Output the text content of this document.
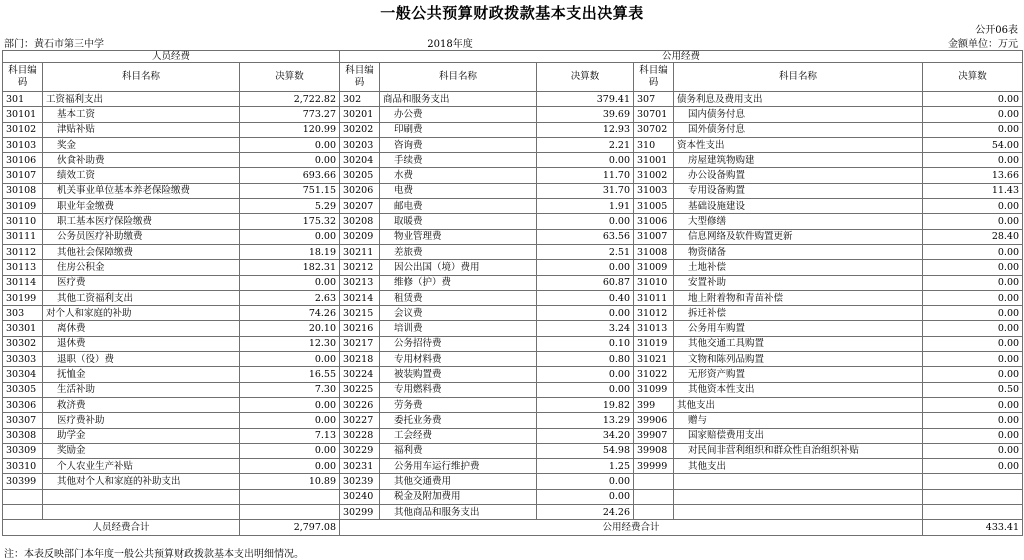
一般公共预算财政拨款基本支出决算表
公开06表
部门：黄石市第三中学	2018年度	金额单位：万元
人员经费			公用经费					
科目编码	科目名称	决算数	科目编码	科目名称	决算数	科目编码	科目名称	决算数
301	工资福利支出	2,722.82	302	商品和服务支出	379.41	307	债务利息及费用支出	0.00
30101	基本工资	773.27	30201	办公费	39.69	30701	国内债务付息	0.00
30102	津贴补贴	120.99	30202	印刷费	12.93	30702	国外债务付息	0.00
30103	奖金	0.00	30203	咨询费	2.21	310	资本性支出	54.00
30106	伙食补助费	0.00	30204	手续费	0.00	31001	房屋建筑物购建	0.00
30107	绩效工资	693.66	30205	水费	11.70	31002	办公设备购置	13.66
30108	机关事业单位基本养老保险缴费	751.15	30206	电费	31.70	31003	专用设备购置	11.43
30109	职业年金缴费	5.29	30207	邮电费	1.91	31005	基础设施建设	0.00
30110	职工基本医疗保险缴费	175.32	30208	取暖费	0.00	31006	大型修缮	0.00
30111	公务员医疗补助缴费	0.00	30209	物业管理费	63.56	31007	信息网络及软件购置更新	28.40
30112	其他社会保障缴费	18.19	30211	差旅费	2.51	31008	物资储备	0.00
30113	住房公积金	182.31	30212	因公出国（境）费用	0.00	31009	土地补偿	0.00
30114	医疗费	0.00	30213	维修（护）费	60.87	31010	安置补助	0.00
30199	其他工资福利支出	2.63	30214	租赁费	0.40	31011	地上附着物和青苗补偿	0.00
303	对个人和家庭的补助	74.26	30215	会议费	0.00	31012	拆迁补偿	0.00
30301	离休费	20.10	30216	培训费	3.24	31013	公务用车购置	0.00
30302	退休费	12.30	30217	公务招待费	0.10	31019	其他交通工具购置	0.00
30303	退职（役）费	0.00	30218	专用材料费	0.80	31021	文物和陈列品购置	0.00
30304	抚恤金	16.55	30224	被装购置费	0.00	31022	无形资产购置	0.00
30305	生活补助	7.30	30225	专用燃料费	0.00	31099	其他资本性支出	0.50
30306	救济费	0.00	30226	劳务费	19.82	399	其他支出	0.00
30307	医疗费补助	0.00	30227	委托业务费	13.29	39906	赠与	0.00
30308	助学金	7.13	30228	工会经费	34.20	39907	国家赔偿费用支出	0.00
30309	奖励金	0.00	30229	福利费	54.98	39908	对民间非营利组织和群众性自治组织补贴	0.00
30310	个人农业生产补贴	0.00	30231	公务用车运行维护费	1.25	39999	其他支出	0.00
30399	其他对个人和家庭的补助支出	10.89	30239	其他交通费用	0.00			
			30240	税金及附加费用	0.00			
			30299	其他商品和服务支出	24.26			
人员经费合计		2,797.08	公用经费合计					433.41
注：本表反映部门本年度一般公共预算财政拨款基本支出明细情况。
